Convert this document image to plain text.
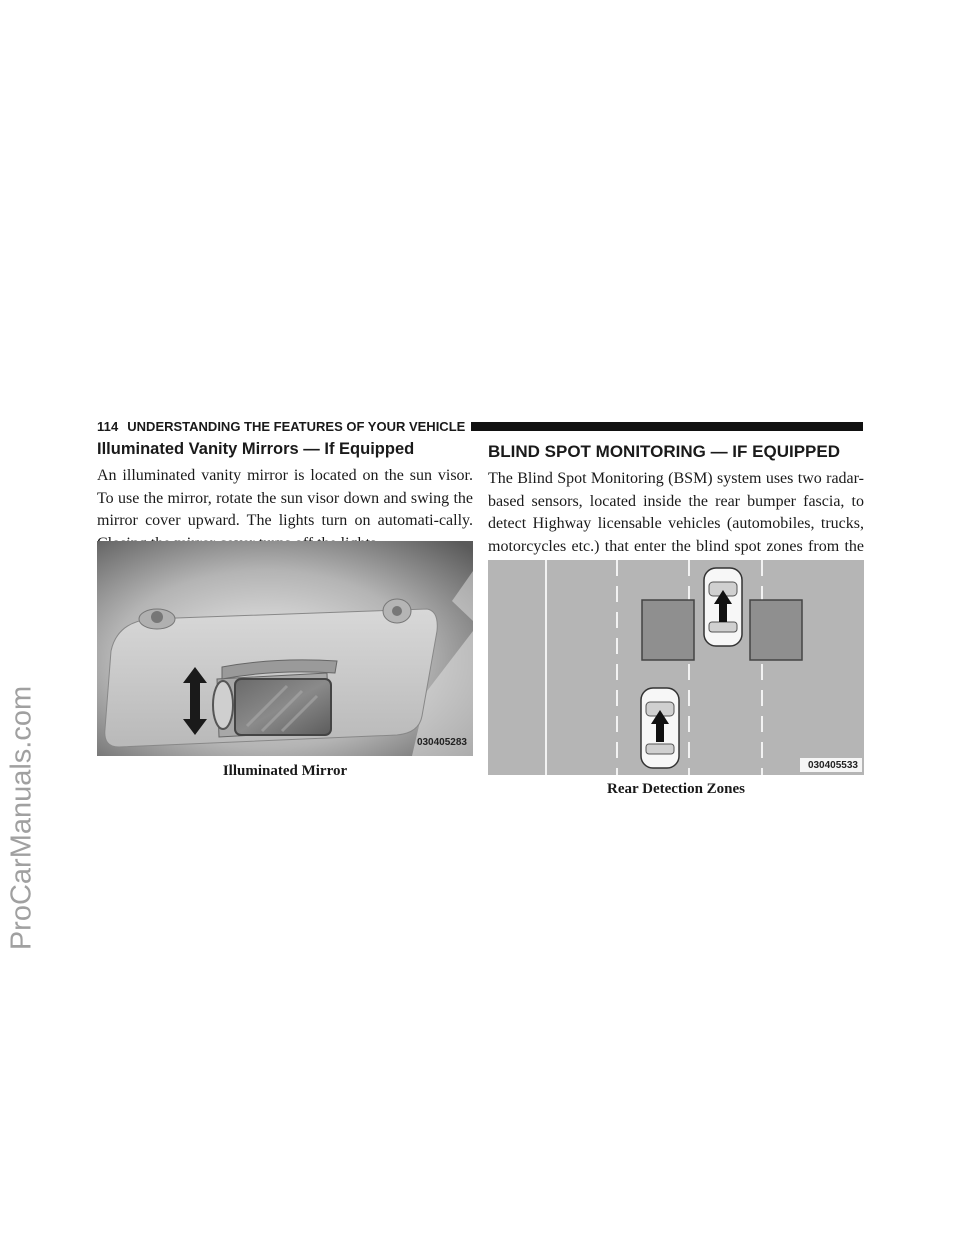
ProCarManuals.com
114 UNDERSTANDING THE FEATURES OF YOUR VEHICLE
Illuminated Vanity Mirrors — If Equipped

An illuminated vanity mirror is located on the sun visor. To use the mirror, rotate the sun visor down and swing the mirror cover upward. The lights turn on automati-cally.

030405283
Illuminated Mirror
BLIND SPOT MONITORING — IF EQUIPPED

The Blind Spot Monitoring (BSM) system uses two radar-based sensors, located inside the rear bumper fascia, to detect Highway licensable vehicles (automobiles, trucks, motorcycles etc.) that enter the blind spot zones from the

030405533
Rear Detection Zones
